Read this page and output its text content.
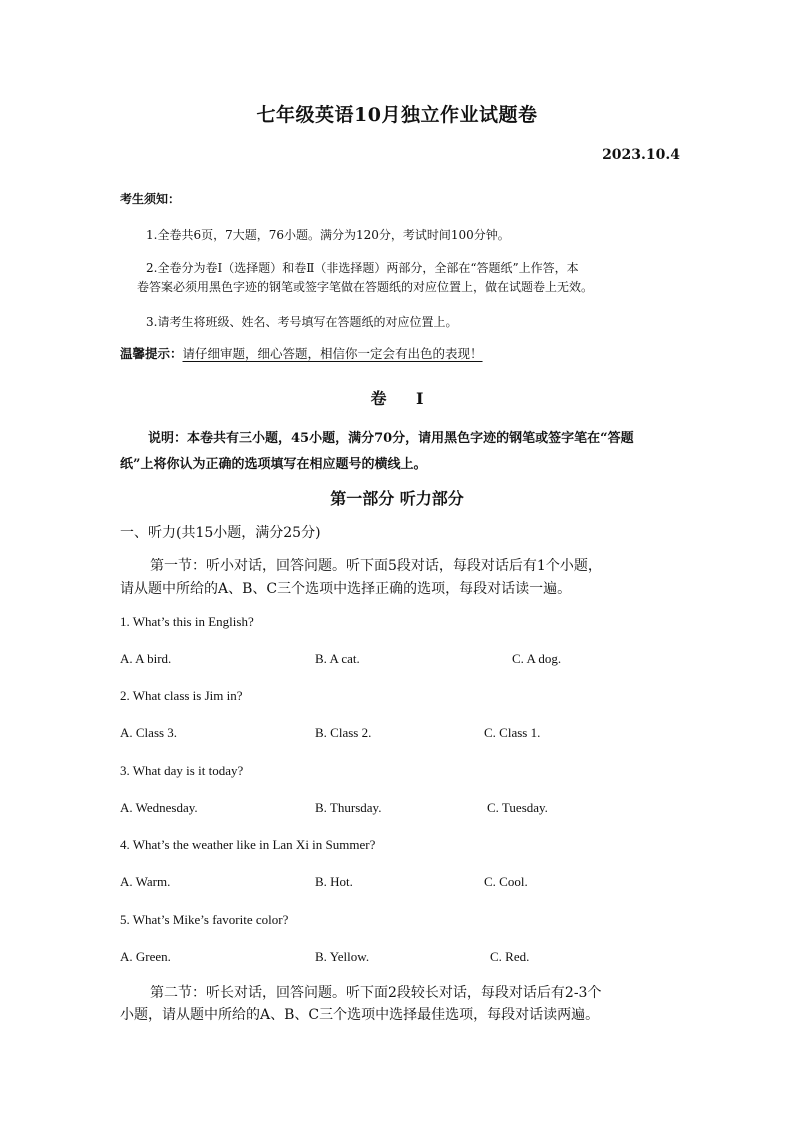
七年级英语10月独立作业试题卷
2023.10.4
考生须知：
1.全卷共6页，7大题，76小题。满分为120分，考试时间100分钟。
2.全卷分为卷Ⅰ（选择题）和卷Ⅱ（非选择题）两部分，全部在“答题纸”上作答，本
卷答案必须用黑色字迹的钢笔或签字笔做在答题纸的对应位置上，做在试题卷上无效。
3.请考生将班级、姓名、考号填写在答题纸的对应位置上。
温馨提示：请仔细审题，细心答题，相信你一定会有出色的表现！
卷 Ⅰ
说明：本卷共有三小题，45小题，满分70分，请用黑色字迹的钢笔或签字笔在“答题
纸”上将你认为正确的选项填写在相应题号的横线上。
第一部分 听力部分
一、听力(共15小题，满分25分)
第一节：听小对话，回答问题。听下面5段对话，每段对话后有1个小题，
请从题中所给的A、B、C三个选项中选择正确的选项，每段对话读一遍。
1. What’s this in English?
A. A bird.	B. A cat.	C. A dog.
2. What class is Jim in?
A. Class 3.	B. Class 2.	C. Class 1.
3. What day is it today?
A. Wednesday.	B. Thursday.	C. Tuesday.
4. What’s the weather like in Lan Xi in Summer?
A. Warm.	B. Hot.	C. Cool.
5. What’s Mike’s favorite color?
A. Green.	B. Yellow.	C. Red.
第二节：听长对话，回答问题。听下面2段较长对话，每段对话后有2-3个
小题，请从题中所给的A、B、C三个选项中选择最佳选项，每段对话读两遍。
